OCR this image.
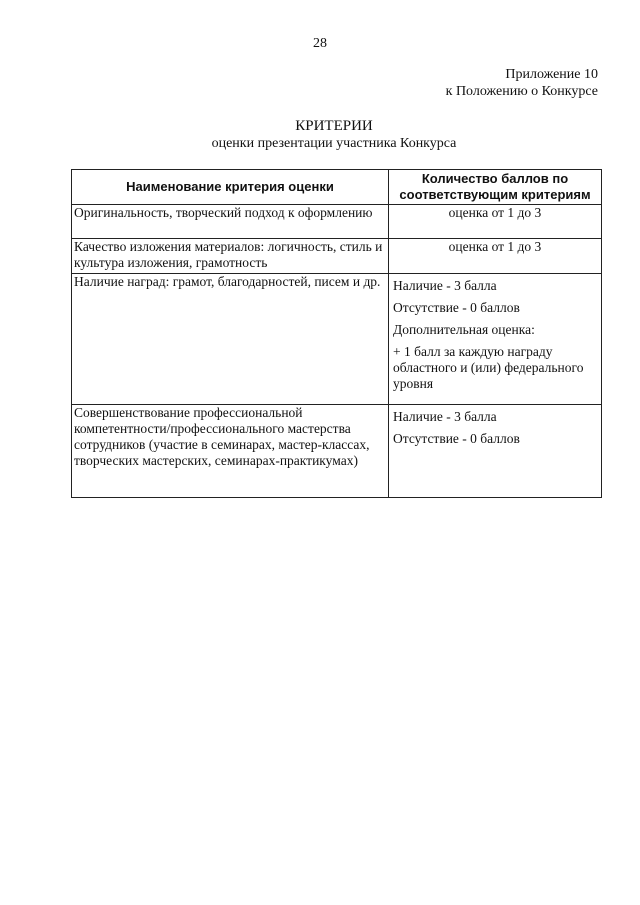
28
Приложение 10
к Положению о Конкурсе
КРИТЕРИИ
оценки презентации участника Конкурса
Наименование критерия оценки	Количество баллов по соответствующим критериям
Оригинальность, творческий подход к оформлению	оценка от 1 до 3

Качество изложения материалов: логичность, стиль и культура изложения, грамотность	оценка от 1 до 3

Наличие наград: грамот, благодарностей, писем и др.	Наличие - 3 балла
Отсутствие - 0 баллов
Дополнительная оценка:
+ 1 балл за каждую награду областного и (или) федерального уровня

Совершенствование профессиональной компетентности/профессионального мастерства сотрудников (участие в семинарах, мастер-классах, творческих мастерских, семинарах-практикумах)	Наличие - 3 балла
Отсутствие - 0 баллов
